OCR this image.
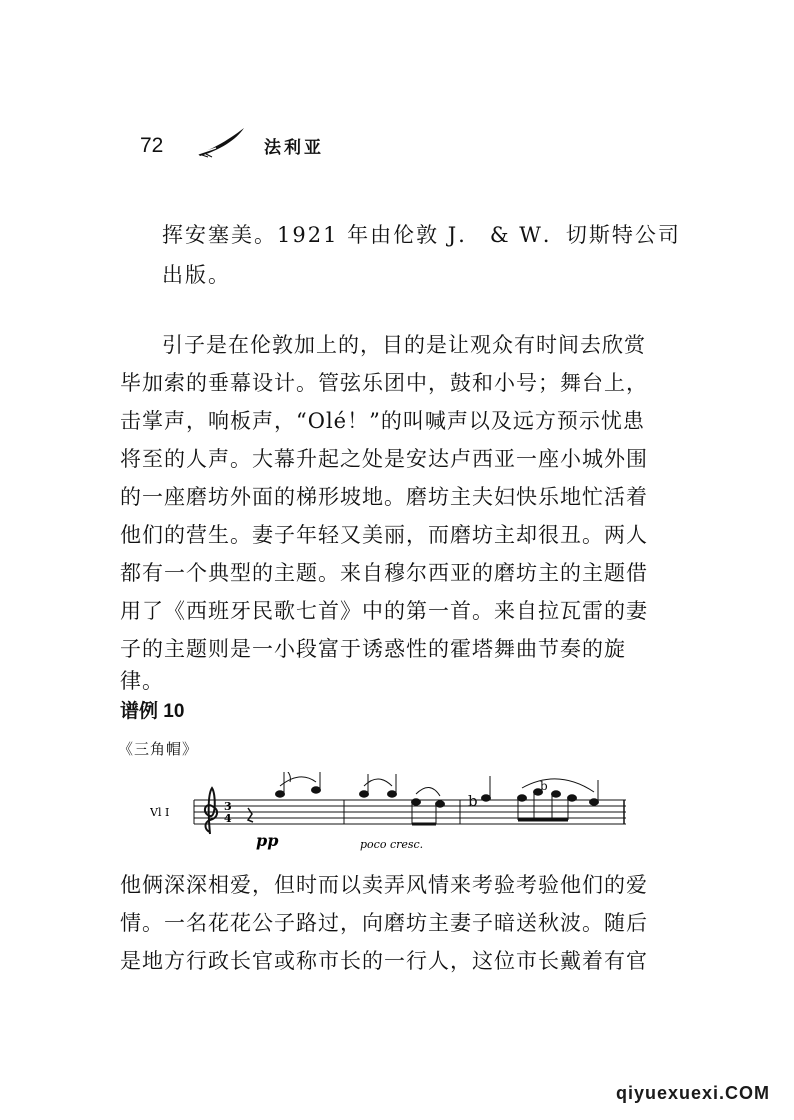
72	法利亚
挥安塞美。1921 年由伦敦 J． & W．切斯特公司
出版。
引子是在伦敦加上的，目的是让观众有时间去欣赏
毕加索的垂幕设计。管弦乐团中，鼓和小号；舞台上，
击掌声，响板声，“Olé！”的叫喊声以及远方预示忧患
将至的人声。大幕升起之处是安达卢西亚一座小城外围
的一座磨坊外面的梯形坡地。磨坊主夫妇快乐地忙活着
他们的营生。妻子年轻又美丽，而磨坊主却很丑。两人
都有一个典型的主题。来自穆尔西亚的磨坊主的主题借
用了《西班牙民歌七首》中的第一首。来自拉瓦雷的妻
子的主题则是一小段富于诱惑性的霍塔舞曲节奏的旋
律。
谱例 10
《三角帽》
Vl I	3
4
b
b
pp	poco cresc.
他俩深深相爱，但时而以卖弄风情来考验考验他们的爱
情。一名花花公子路过，向磨坊主妻子暗送秋波。随后
是地方行政长官或称市长的一行人，这位市长戴着有官
qiyuexuexi.COM
